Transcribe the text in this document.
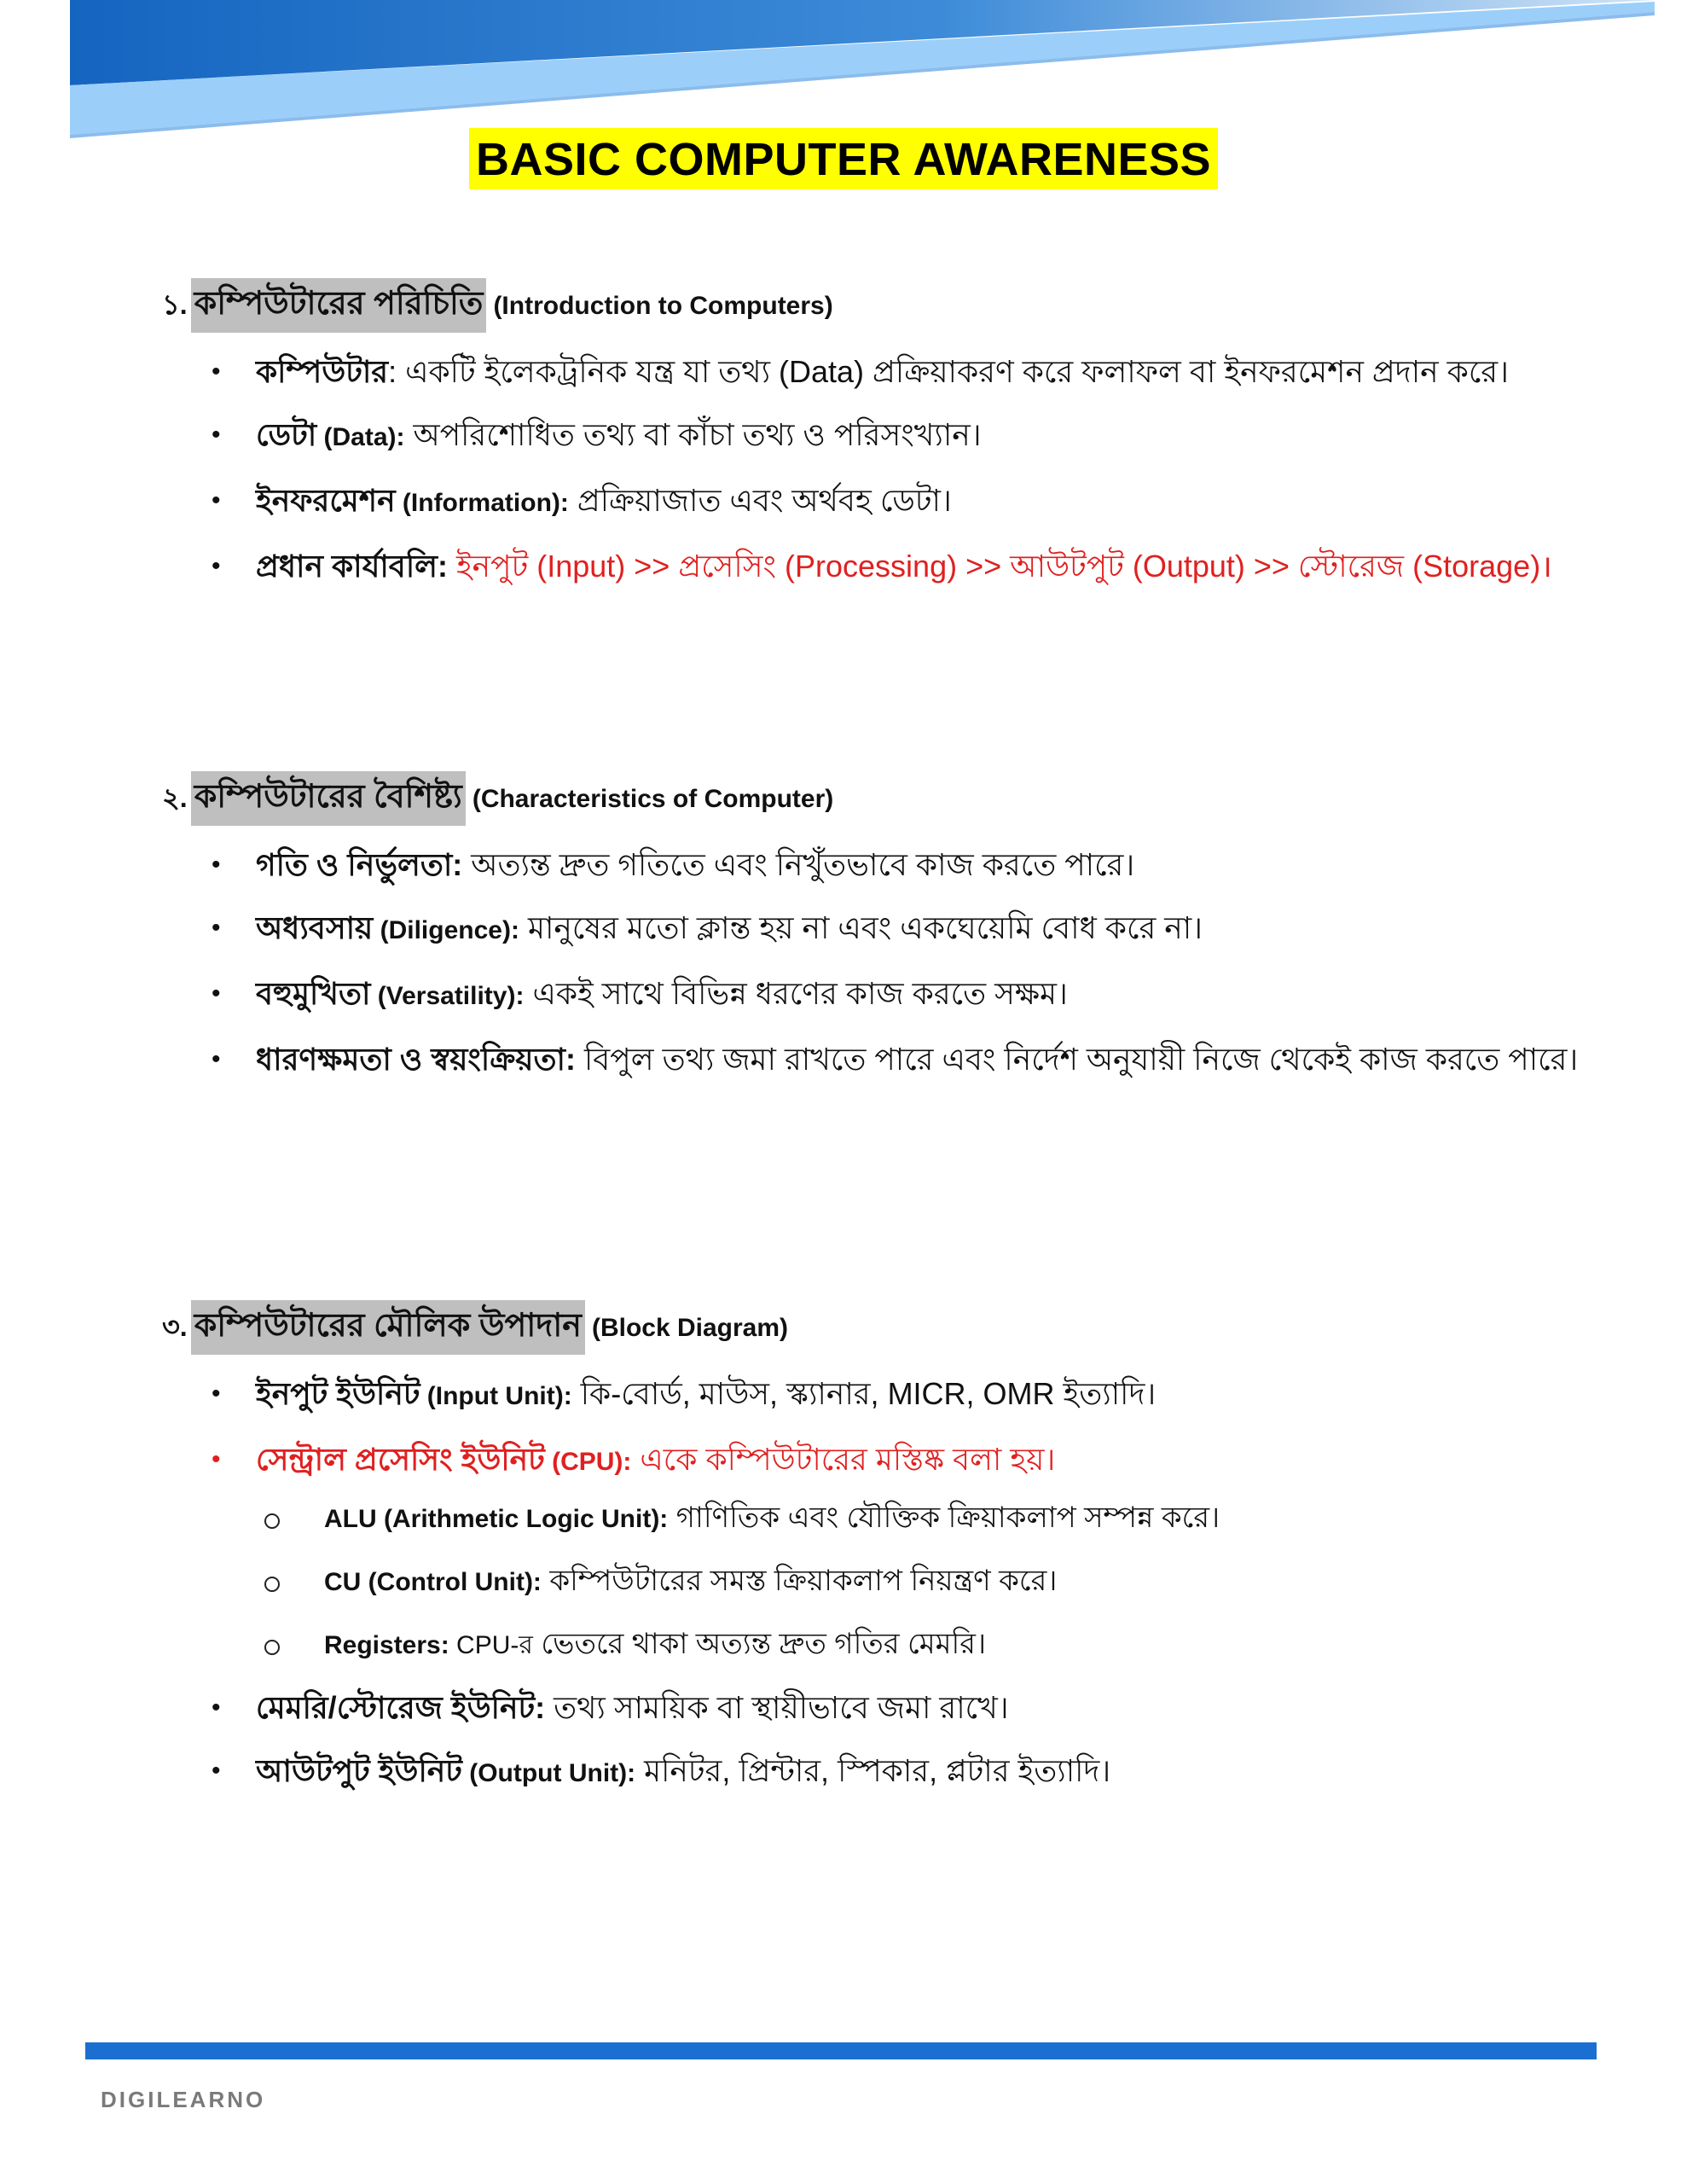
BASIC COMPUTER AWARENESS
১. কম্পিউটারের পরিচিতি (Introduction to Computers)
• কম্পিউটার: একটি ইলেকট্রনিক যন্ত্র যা তথ্য (Data) প্রক্রিয়াকরণ করে ফলাফল বা ইনফরমেশন প্রদান করে।
• ডেটা (Data): অপরিশোধিত তথ্য বা কাঁচা তথ্য ও পরিসংখ্যান।
• ইনফরমেশন (Information): প্রক্রিয়াজাত এবং অর্থবহ ডেটা।
• প্রধান কার্যাবলি: ইনপুট (Input) >> প্রসেসিং (Processing) >> আউটপুট (Output) >> স্টোরেজ (Storage)।
২. কম্পিউটারের বৈশিষ্ট্য (Characteristics of Computer)
• গতি ও নির্ভুলতা: অত্যন্ত দ্রুত গতিতে এবং নিখুঁতভাবে কাজ করতে পারে।
• অধ্যবসায় (Diligence): মানুষের মতো ক্লান্ত হয় না এবং একঘেয়েমি বোধ করে না।
• বহুমুখিতা (Versatility): একই সাথে বিভিন্ন ধরণের কাজ করতে সক্ষম।
• ধারণক্ষমতা ও স্বয়ংক্রিয়তা: বিপুল তথ্য জমা রাখতে পারে এবং নির্দেশ অনুযায়ী নিজে থেকেই কাজ করতে পারে।
৩. কম্পিউটারের মৌলিক উপাদান (Block Diagram)
• ইনপুট ইউনিট (Input Unit): কি-বোর্ড, মাউস, স্ক্যানার, MICR, OMR ইত্যাদি।
• সেন্ট্রাল প্রসেসিং ইউনিট (CPU): একে কম্পিউটারের মস্তিষ্ক বলা হয়।
ALU (Arithmetic Logic Unit): গাণিতিক এবং যৌক্তিক ক্রিয়াকলাপ সম্পন্ন করে।
CU (Control Unit): কম্পিউটারের সমস্ত ক্রিয়াকলাপ নিয়ন্ত্রণ করে।
Registers: CPU-র ভেতরে থাকা অত্যন্ত দ্রুত গতির মেমরি।
• মেমরি/স্টোরেজ ইউনিট: তথ্য সাময়িক বা স্থায়ীভাবে জমা রাখে।
• আউটপুট ইউনিট (Output Unit): মনিটর, প্রিন্টার, স্পিকার, প্লটার ইত্যাদি।
DIGILEARNO
